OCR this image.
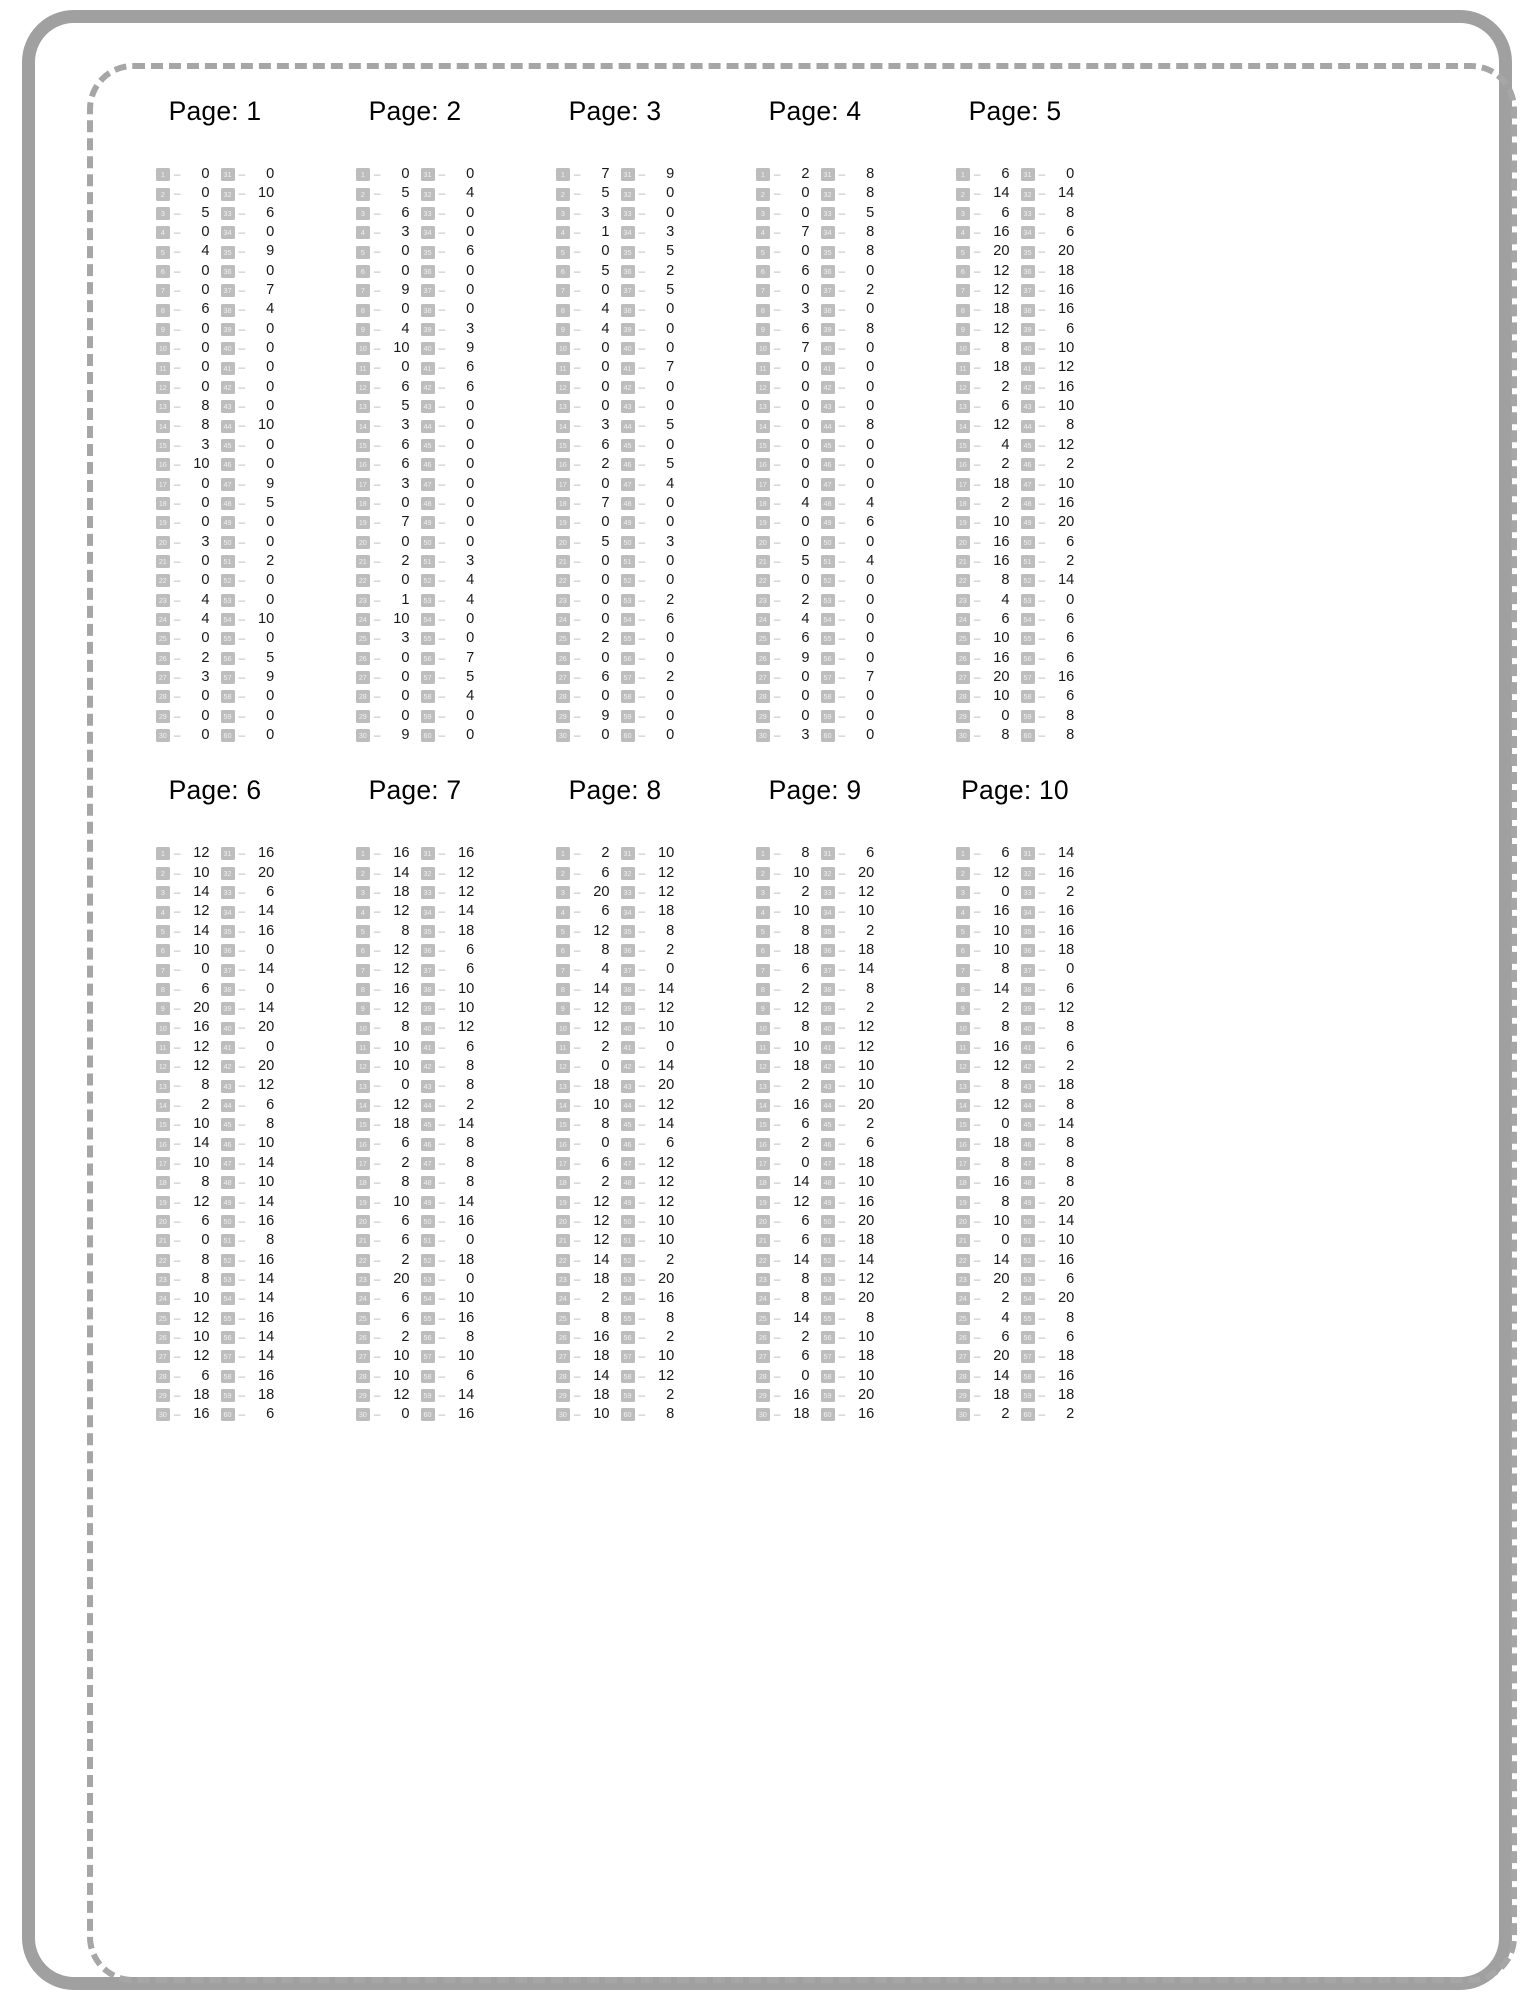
Page: 1
1 –	0
2 –	0
3 –	5
4 –	0
5 –	4
6 –	0
7 –	0
8 –	6
9 –	0
10 –	0
11 –	0
12 –	0
13 –	8
14 –	8
15 –	3
16 – 10
17 –	0
18 –	0
19 –	0
20 –	3
21 –	0
22 –	0
23 –	4
24 –	4
25 –	0
26 –	2
27 –	3
28 –	0
29 –	0
30 –	0
31 –	0
32 – 10
33 –	6
34 –	0
35 –	9
36 –	0
37 –	7
38 –	4
39 –	0
40 –	0
41 –	0
42 –	0
43 –	0
44 – 10
45 –	0
46 –	0
47 –	9
48 –	5
49 –	0
50 –	0
51 –	2
52 –	0
53 –	0
54 – 10
55 –	0
56 –	5
57 –	9
58 –	0
59 –	0
60 –	0
Page: 2
1 –	0
2 –	5
3 –	6
4 –	3
5 –	0
6 –	0
7 –	9
8 –	0
9 –	4
10 – 10
11 –	0
12 –	6
13 –	5
14 –	3
15 –	6
16 –	6
17 –	3
18 –	0
19 –	7
20 –	0
21 –	2
22 –	0
23 –	1
24 – 10
25 –	3
26 –	0
27 –	0
28 –	0
29 –	0
30 –	9
31 –	0
32 –	4
33 –	0
34 –	0
35 –	6
36 –	0
37 –	0
38 –	0
39 –	3
40 –	9
41 –	6
42 –	6
43 –	0
44 –	0
45 –	0
46 –	0
47 –	0
48 –	0
49 –	0
50 –	0
51 –	3
52 –	4
53 –	4
54 –	0
55 –	0
56 –	7
57 –	5
58 –	4
59 –	0
60 –	0
Page: 3
1 –	7
2 –	5
3 –	3
4 –	1
5 –	0
6 –	5
7 –	0
8 –	4
9 –	4
10 –	0
11 –	0
12 –	0
13 –	0
14 –	3
15 –	6
16 –	2
17 –	0
18 –	7
19 –	0
20 –	5
21 –	0
22 –	0
23 –	0
24 –	0
25 –	2
26 –	0
27 –	6
28 –	0
29 –	9
30 –	0
31 –	9
32 –	0
33 –	0
34 –	3
35 –	5
36 –	2
37 –	5
38 –	0
39 –	0
40 –	0
41 –	7
42 –	0
43 –	0
44 –	5
45 –	0
46 –	5
47 –	4
48 –	0
49 –	0
50 –	3
51 –	0
52 –	0
53 –	2
54 –	6
55 –	0
56 –	0
57 –	2
58 –	0
59 –	0
60 –	0
Page: 4
1 –	2
2 –	0
3 –	0
4 –	7
5 –	0
6 –	6
7 –	0
8 –	3
9 –	6
10 –	7
11 –	0
12 –	0
13 –	0
14 –	0
15 –	0
16 –	0
17 –	0
18 –	4
19 –	0
20 –	0
21 –	5
22 –	0
23 –	2
24 –	4
25 –	6
26 –	9
27 –	0
28 –	0
29 –	0
30 –	3
31 –	8
32 –	8
33 –	5
34 –	8
35 –	8
36 –	0
37 –	2
38 –	0
39 –	8
40 –	0
41 –	0
42 –	0
43 –	0
44 –	8
45 –	0
46 –	0
47 –	0
48 –	4
49 –	6
50 –	0
51 –	4
52 –	0
53 –	0
54 –	0
55 –	0
56 –	0
57 –	7
58 –	0
59 –	0
60 –	0
Page: 5
1 –	6
2 – 14
3 –	6
4 – 16
5 – 20
6 – 12
7 – 12
8 – 18
9 – 12
10 –	8
11 – 18
12 –	2
13 –	6
14 – 12
15 –	4
16 –	2
17 – 18
18 –	2
19 – 10
20 – 16
21 – 16
22 –	8
23 –	4
24 –	6
25 – 10
26 – 16
27 – 20
28 – 10
29 –	0
30 –	8
31 –	0
32 – 14
33 –	8
34 –	6
35 – 20
36 – 18
37 – 16
38 – 16
39 –	6
40 – 10
41 – 12
42 – 16
43 – 10
44 –	8
45 – 12
46 –	2
47 – 10
48 – 16
49 – 20
50 –	6
51 –	2
52 – 14
53 –	0
54 –	6
55 –	6
56 –	6
57 – 16
58 –	6
59 –	8
60 –	8
Page: 6
1 – 12
2 – 10
3 – 14
4 – 12
5 – 14
6 – 10
7 –	0
8 –	6
9 – 20
10 – 16
11 – 12
12 – 12
13 –	8
14 –	2
15 – 10
16 – 14
17 – 10
18 –	8
19 – 12
20 –	6
21 –	0
22 –	8
23 –	8
24 – 10
25 – 12
26 – 10
27 – 12
28 –	6
29 – 18
30 – 16
31 – 16
32 – 20
33 –	6
34 – 14
35 – 16
36 –	0
37 – 14
38 –	0
39 – 14
40 – 20
41 –	0
42 – 20
43 – 12
44 –	6
45 –	8
46 – 10
47 – 14
48 – 10
49 – 14
50 – 16
51 –	8
52 – 16
53 – 14
54 – 14
55 – 16
56 – 14
57 – 14
58 – 16
59 – 18
60 –	6
Page: 7
1 – 16
2 – 14
3 – 18
4 – 12
5 –	8
6 – 12
7 – 12
8 – 16
9 – 12
10 –	8
11 – 10
12 – 10
13 –	0
14 – 12
15 – 18
16 –	6
17 –	2
18 –	8
19 – 10
20 –	6
21 –	6
22 –	2
23 – 20
24 –	6
25 –	6
26 –	2
27 – 10
28 – 10
29 – 12
30 –	0
31 – 16
32 – 12
33 – 12
34 – 14
35 – 18
36 –	6
37 –	6
38 – 10
39 – 10
40 – 12
41 –	6
42 –	8
43 –	8
44 –	2
45 – 14
46 –	8
47 –	8
48 –	8
49 – 14
50 – 16
51 –	0
52 – 18
53 –	0
54 – 10
55 – 16
56 –	8
57 – 10
58 –	6
59 – 14
60 – 16
Page: 8
1 –	2
2 –	6
3 – 20
4 –	6
5 – 12
6 –	8
7 –	4
8 – 14
9 – 12
10 – 12
11 –	2
12 –	0
13 – 18
14 – 10
15 –	8
16 –	0
17 –	6
18 –	2
19 – 12
20 – 12
21 – 12
22 – 14
23 – 18
24 –	2
25 –	8
26 – 16
27 – 18
28 – 14
29 – 18
30 – 10
31 – 10
32 – 12
33 – 12
34 – 18
35 –	8
36 –	2
37 –	0
38 – 14
39 – 12
40 – 10
41 –	0
42 – 14
43 – 20
44 – 12
45 – 14
46 –	6
47 – 12
48 – 12
49 – 12
50 – 10
51 – 10
52 –	2
53 – 20
54 – 16
55 –	8
56 –	2
57 – 10
58 – 12
59 –	2
60 –	8
Page: 9
1 –	8
2 – 10
3 –	2
4 – 10
5 –	8
6 – 18
7 –	6
8 –	2
9 – 12
10 –	8
11 – 10
12 – 18
13 –	2
14 – 16
15 –	6
16 –	2
17 –	0
18 – 14
19 – 12
20 –	6
21 –	6
22 – 14
23 –	8
24 –	8
25 – 14
26 –	2
27 –	6
28 –	0
29 – 16
30 – 18
31 –	6
32 – 20
33 – 12
34 – 10
35 –	2
36 – 18
37 – 14
38 –	8
39 –	2
40 – 12
41 – 12
42 – 10
43 – 10
44 – 20
45 –	2
46 –	6
47 – 18
48 – 10
49 – 16
50 – 20
51 – 18
52 – 14
53 – 12
54 – 20
55 –	8
56 – 10
57 – 18
58 – 10
59 – 20
60 – 16
Page: 10
1 –	6
2 – 12
3 –	0
4 – 16
5 – 10
6 – 10
7 –	8
8 – 14
9 –	2
10 –	8
11 – 16
12 – 12
13 –	8
14 – 12
15 –	0
16 – 18
17 –	8
18 – 16
19 –	8
20 – 10
21 –	0
22 – 14
23 – 20
24 –	2
25 –	4
26 –	6
27 – 20
28 – 14
29 – 18
30 –	2
31 – 14
32 – 16
33 –	2
34 – 16
35 – 16
36 – 18
37 –	0
38 –	6
39 – 12
40 –	8
41 –	6
42 –	2
43 – 18
44 –	8
45 – 14
46 –	8
47 –	8
48 –	8
49 – 20
50 – 14
51 – 10
52 – 16
53 –	6
54 – 20
55 –	8
56 –	6
57 – 18
58 – 16
59 – 18
60 –	2
